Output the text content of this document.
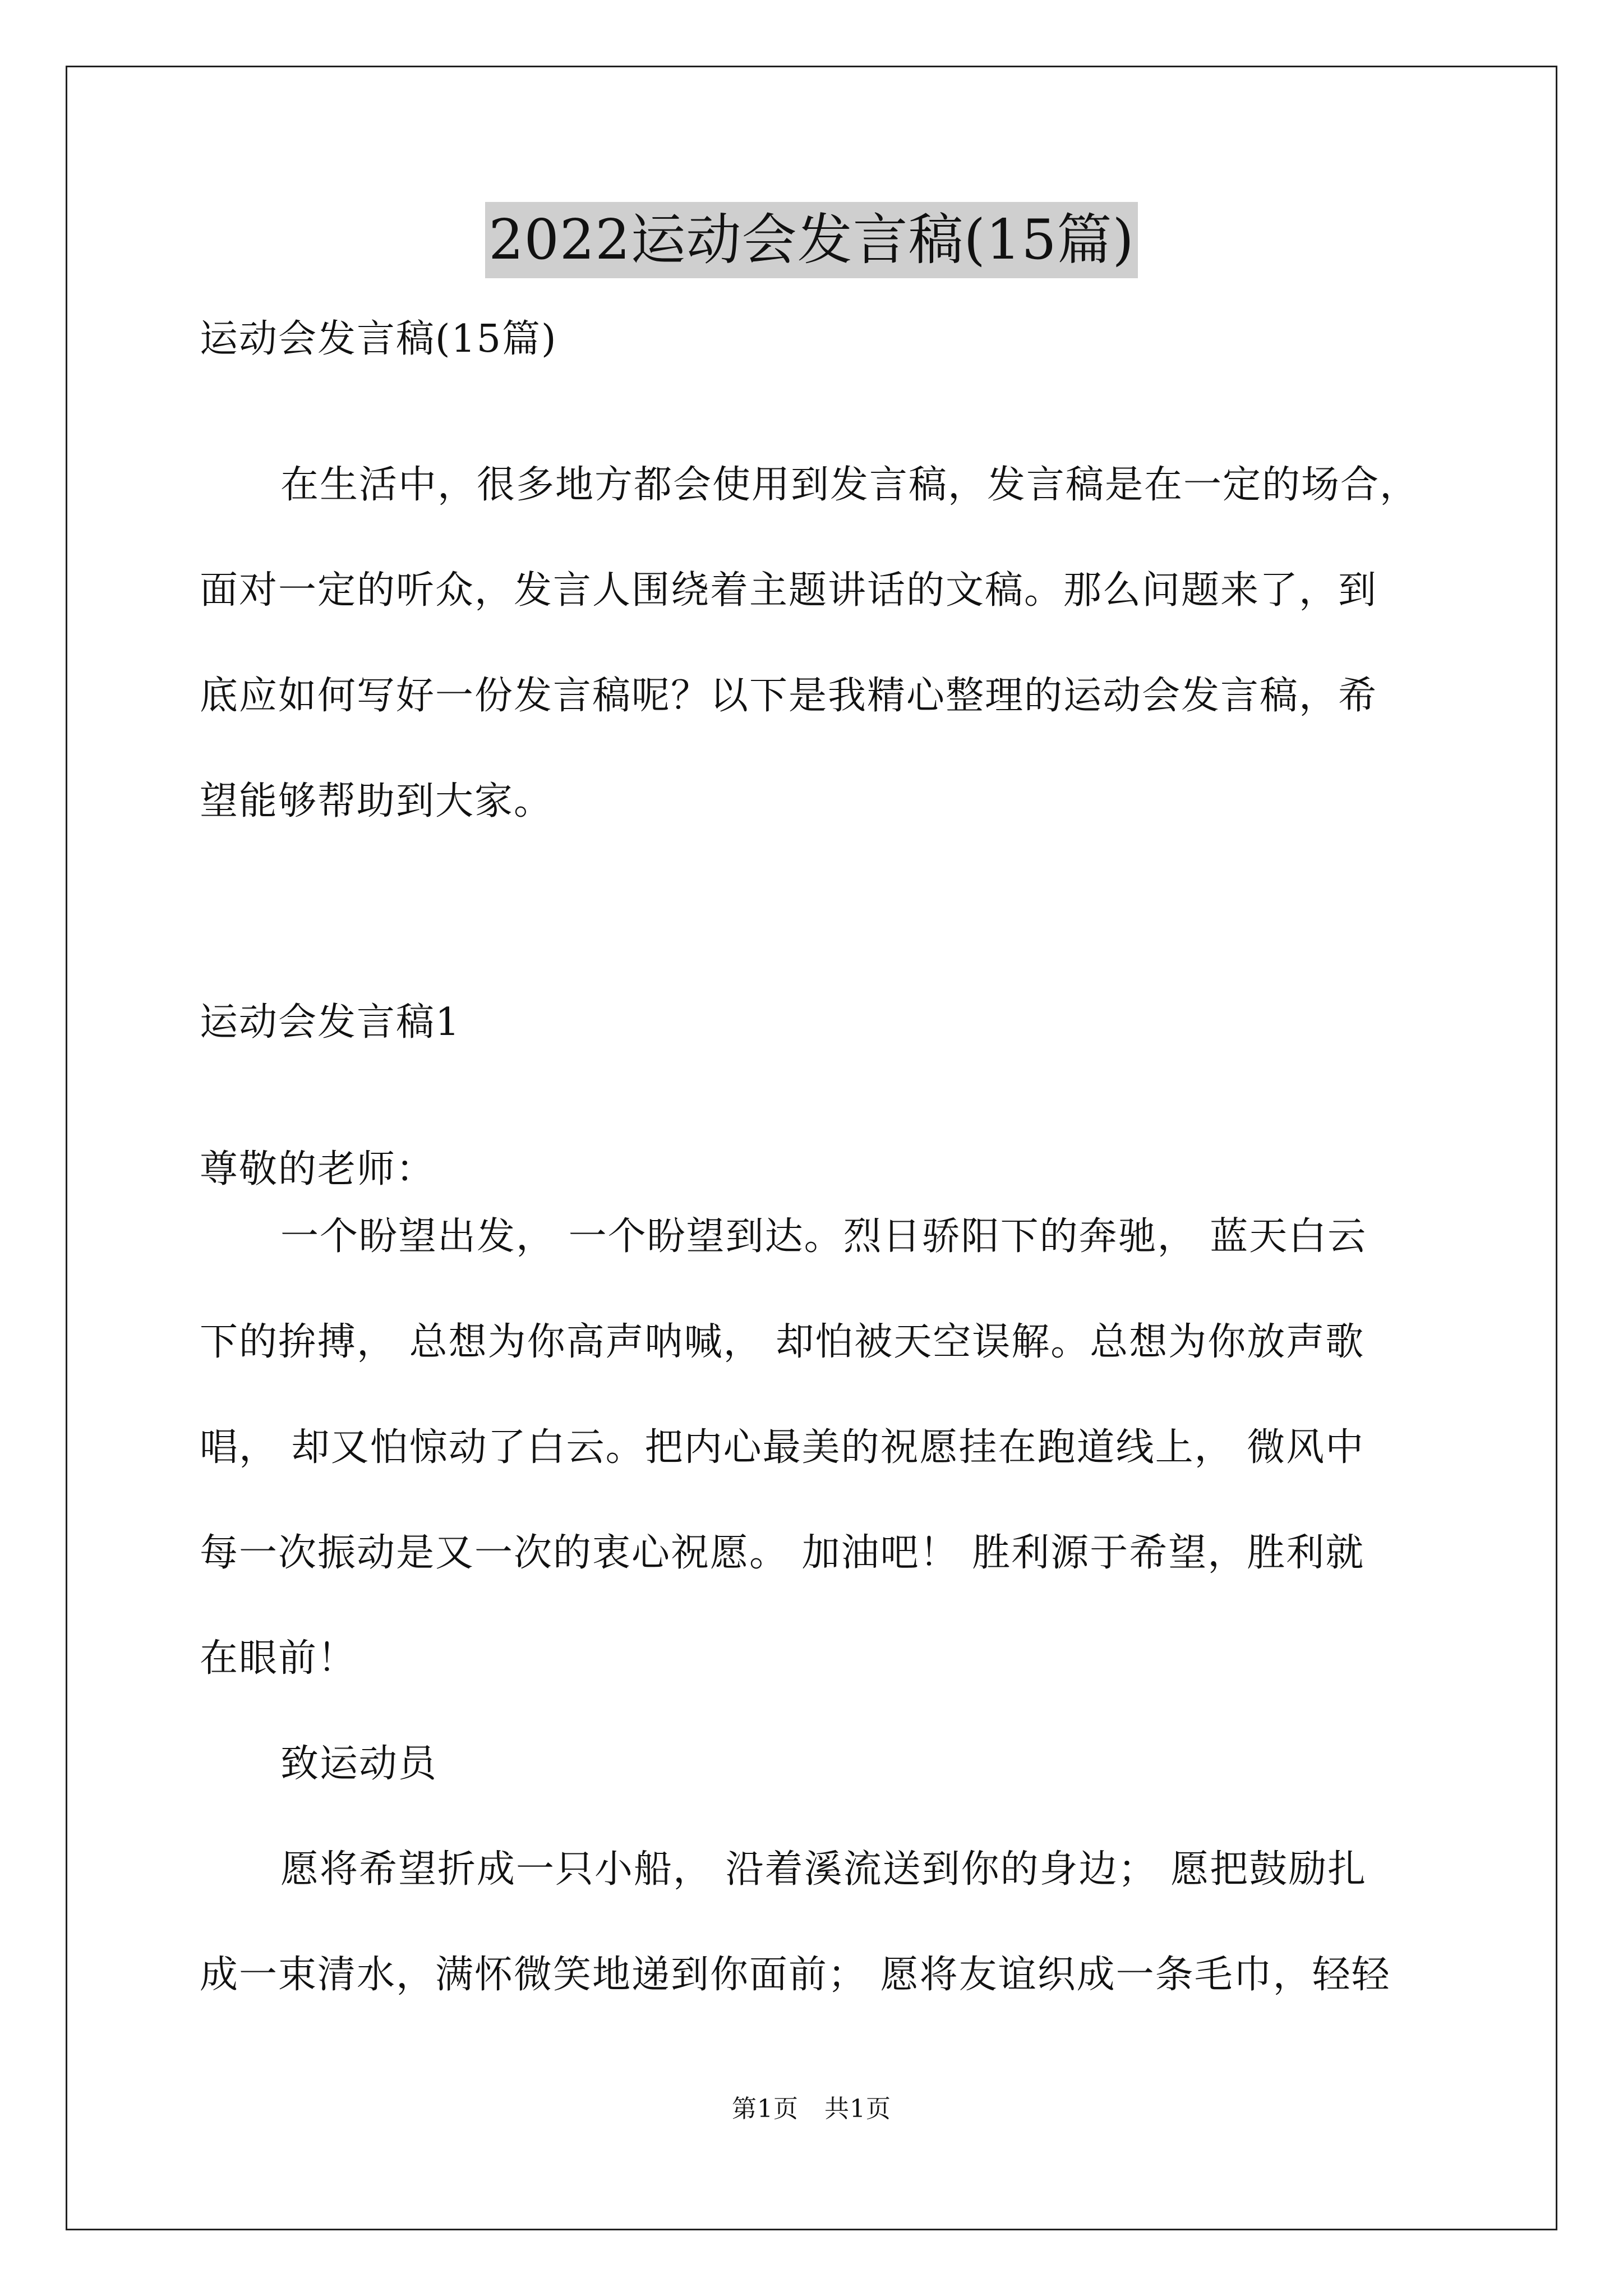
2022运动会发言稿(15篇)
运动会发言稿(15篇)
在生活中，很多地方都会使用到发言稿，发言稿是在一定的场合，
面对一定的听众，发言人围绕着主题讲话的文稿。那么问题来了，到
底应如何写好一份发言稿呢？以下是我精心整理的运动会发言稿，希
望能够帮助到大家。
运动会发言稿1
尊敬的老师：
一个盼望出发， 一个盼望到达。烈日骄阳下的奔驰， 蓝天白云
下的拚搏， 总想为你高声呐喊， 却怕被天空误解。总想为你放声歌
唱， 却又怕惊动了白云。把内心最美的祝愿挂在跑道线上， 微风中
每一次振动是又一次的衷心祝愿。 加油吧！ 胜利源于希望，胜利就
在眼前！
致运动员
愿将希望折成一只小船， 沿着溪流送到你的身边； 愿把鼓励扎
成一束清水，满怀微笑地递到你面前； 愿将友谊织成一条毛巾，轻轻
第1页 共1页
